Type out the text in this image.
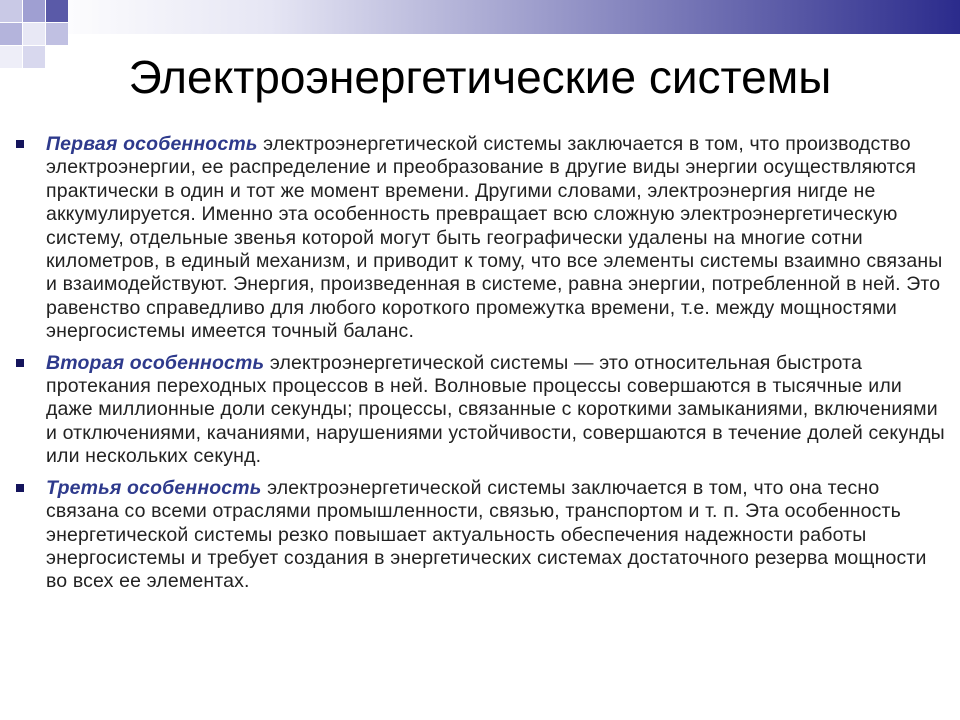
Электроэнергетические системы

Первая особенность электроэнергетической системы заключается в том, что производство электроэнергии, ее распределение и преобразование в другие виды энергии осуществляются практически в один и тот же момент времени. Другими словами, электроэнергия нигде не аккумулируется. Именно эта особенность превращает всю сложную электроэнергетическую систему, отдельные звенья которой могут быть географически удалены на многие сотни километров, в единый механизм, и приводит к тому, что все элементы системы взаимно связаны и взаимодействуют. Энергия, произведенная в системе, равна энергии, потребленной в ней. Это равенство справедливо для любого короткого промежутка времени, т.е. между мощностями энергосистемы имеется точный баланс.

Вторая особенность электроэнергетической системы — это относительная быстрота протекания переходных процессов в ней. Волновые процессы совершаются в тысячные или даже миллионные доли секунды; процессы, связанные с короткими замыканиями, включениями и отключениями, качаниями, нарушениями устойчивости, совершаются в течение долей секунды или нескольких секунд.

Третья особенность электроэнергетической системы заключается в том, что она тесно связана со всеми отраслями промышленности, связью, транспортом и т. п. Эта особенность энергетической системы резко повышает актуальность обеспечения надежности работы энергосистемы и требует создания в энергетических системах достаточного резерва мощности во всех ее элементах.
